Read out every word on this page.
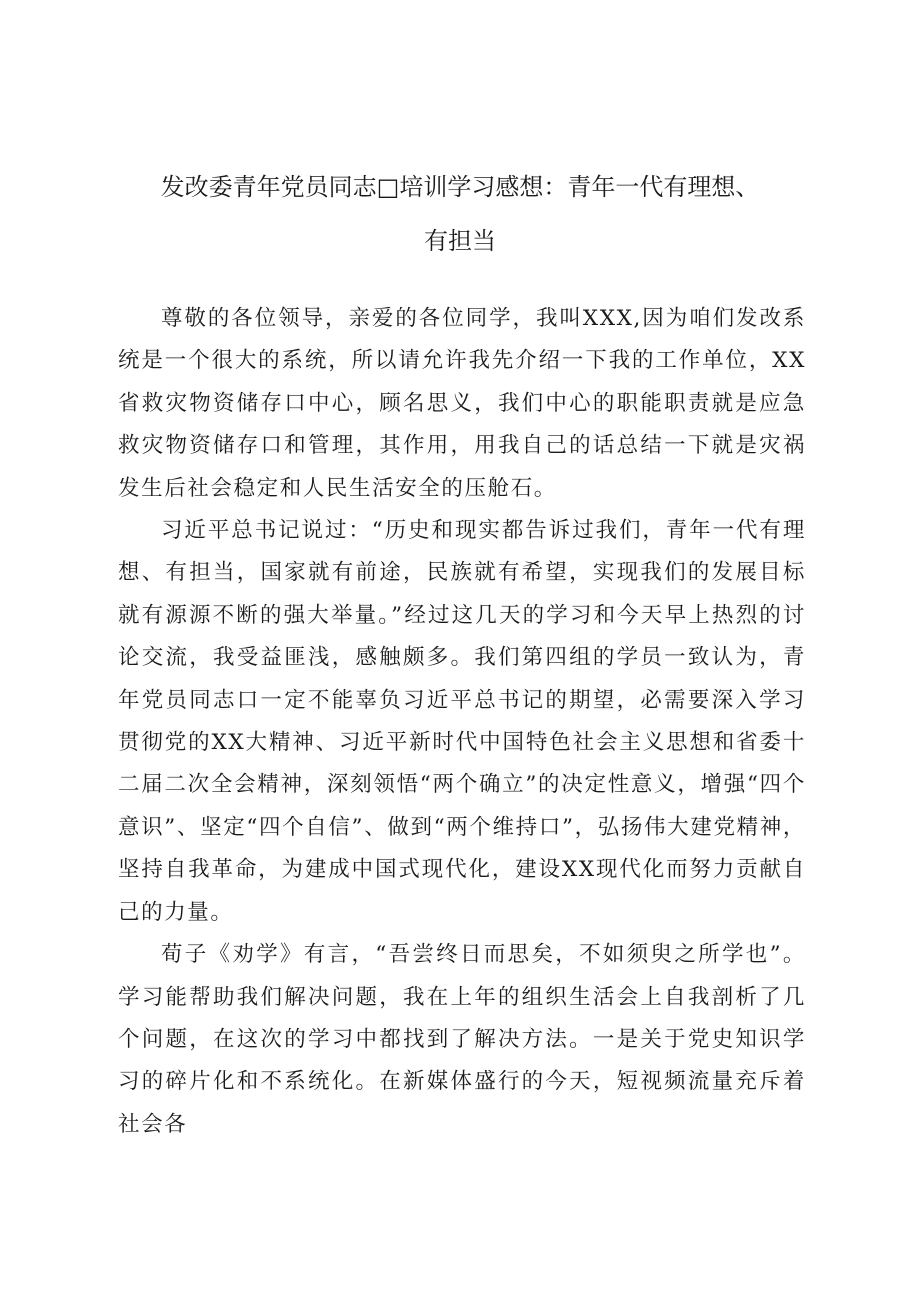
发改委青年党员同志□培训学习感想：青年一代有理想、
有担当

尊敬的各位领导，亲爱的各位同学，我叫XXX,因为咱们发改系统是一个很大的系统，所以请允许我先介绍一下我的工作单位，XX省救灾物资储存口中心，顾名思义，我们中心的职能职责就是应急救灾物资储存口和管理，其作用，用我自己的话总结一下就是灾祸发生后社会稳定和人民生活安全的压舱石。

习近平总书记说过：“历史和现实都告诉过我们，青年一代有理想、有担当，国家就有前途，民族就有希望，实现我们的发展目标就有源源不断的强大举量。”经过这几天的学习和今天早上热烈的讨论交流，我受益匪浅，感触颇多。我们第四组的学员一致认为，青年党员同志口一定不能辜负习近平总书记的期望，必需要深入学习贯彻党的XX大精神、习近平新时代中国特色社会主义思想和省委十二届二次全会精神，深刻领悟“两个确立”的决定性意义，增强“四个意识”、坚定“四个自信”、做到“两个维持口”，弘扬伟大建党精神，坚持自我革命，为建成中国式现代化，建设XX现代化而努力贡献自己的力量。

荀子《劝学》有言，“吾尝终日而思矣，不如须臾之所学也”。学习能帮助我们解决问题，我在上年的组织生活会上自我剖析了几个问题，在这次的学习中都找到了解决方法。一是关于党史知识学习的碎片化和不系统化。在新媒体盛行的今天，短视频流量充斥着社会各
